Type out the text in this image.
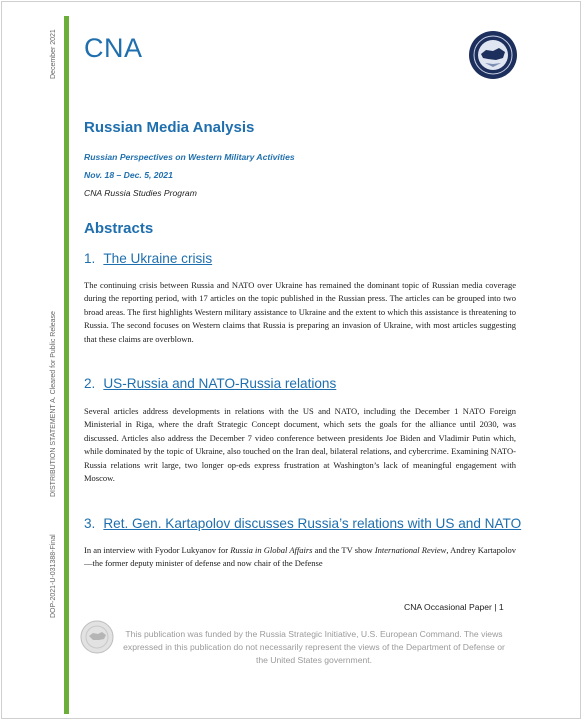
December 2021
DISTRIBUTION STATEMENT A. Cleared for Public Release
DOP-2021-U-031388-Final
CNA
Russian Media Analysis
Russian Perspectives on Western Military Activities
Nov. 18 – Dec. 5, 2021
CNA Russia Studies Program
Abstracts
1. The Ukraine crisis

The continuing crisis between Russia and NATO over Ukraine has remained the dominant topic of Russian media coverage during the reporting period, with 17 articles on the topic published in the Russian press. The articles can be grouped into two broad areas. The first highlights Western military assistance to Ukraine and the extent to which this assistance is threatening to Russia. The second focuses on Western claims that Russia is preparing an invasion of Ukraine, with most articles suggesting that these claims are overblown.

2. US-Russia and NATO-Russia relations

Several articles address developments in relations with the US and NATO, including the December 1 NATO Foreign Ministerial in Riga, where the draft Strategic Concept document, which sets the goals for the alliance until 2030, was discussed. Articles also address the December 7 video conference between presidents Joe Biden and Vladimir Putin which, while dominated by the topic of Ukraine, also touched on the Iran deal, bilateral relations, and cybercrime. Examining NATO-Russia relations writ large, two longer op-eds express frustration at Washington’s lack of meaningful engagement with Moscow.

3. Ret. Gen. Kartapolov discusses Russia’s relations with US and NATO

In an interview with Fyodor Lukyanov for Russia in Global Affairs and the TV show International Review, Andrey Kartapolov—the former deputy minister of defense and now chair of the Defense

CNA Occasional Paper | 1
This publication was funded by the Russia Strategic Initiative, U.S. European Command. The views expressed in this publication do not necessarily represent the views of the Department of Defense or the United States government.
